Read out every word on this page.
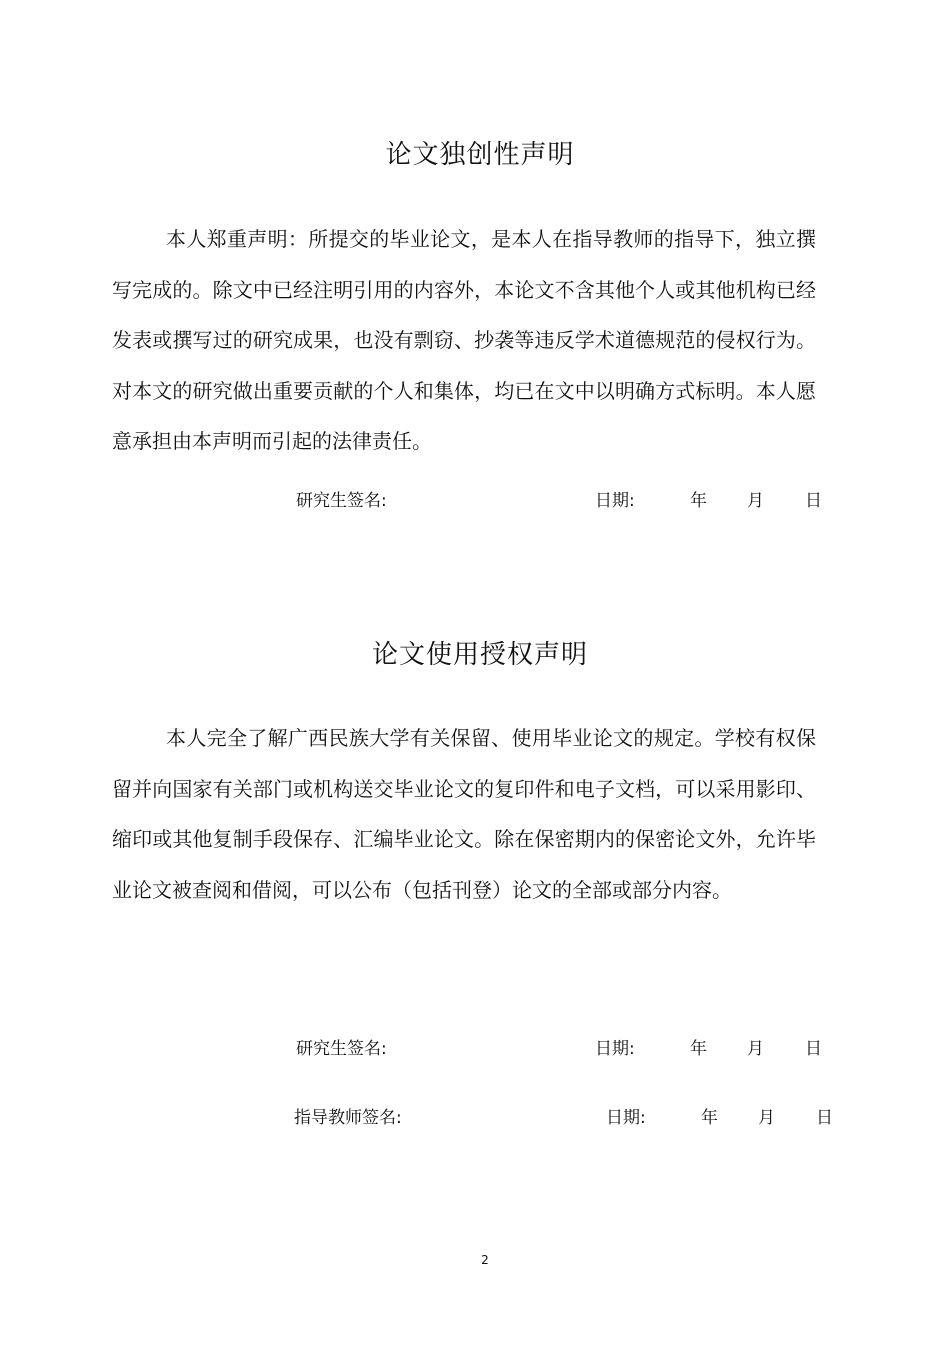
论文独创性声明

本人郑重声明：所提交的毕业论文，是本人在指导教师的指导下，独立撰写完成的。除文中已经注明引用的内容外，本论文不含其他个人或其他机构已经发表或撰写过的研究成果，也没有剽窃、抄袭等违反学术道德规范的侵权行为。对本文的研究做出重要贡献的个人和集体，均已在文中以明确方式标明。本人愿意承担由本声明而引起的法律责任。

研究生签名:	日期:	年 月 日
论文使用授权声明

本人完全了解广西民族大学有关保留、使用毕业论文的规定。学校有权保留并向国家有关部门或机构送交毕业论文的复印件和电子文档，可以采用影印、缩印或其他复制手段保存、汇编毕业论文。除在保密期内的保密论文外，允许毕业论文被查阅和借阅，可以公布（包括刊登）论文的全部或部分内容。

研究生签名:	日期:	年 月 日
指导教师签名:	日期:	年 月 日
2
